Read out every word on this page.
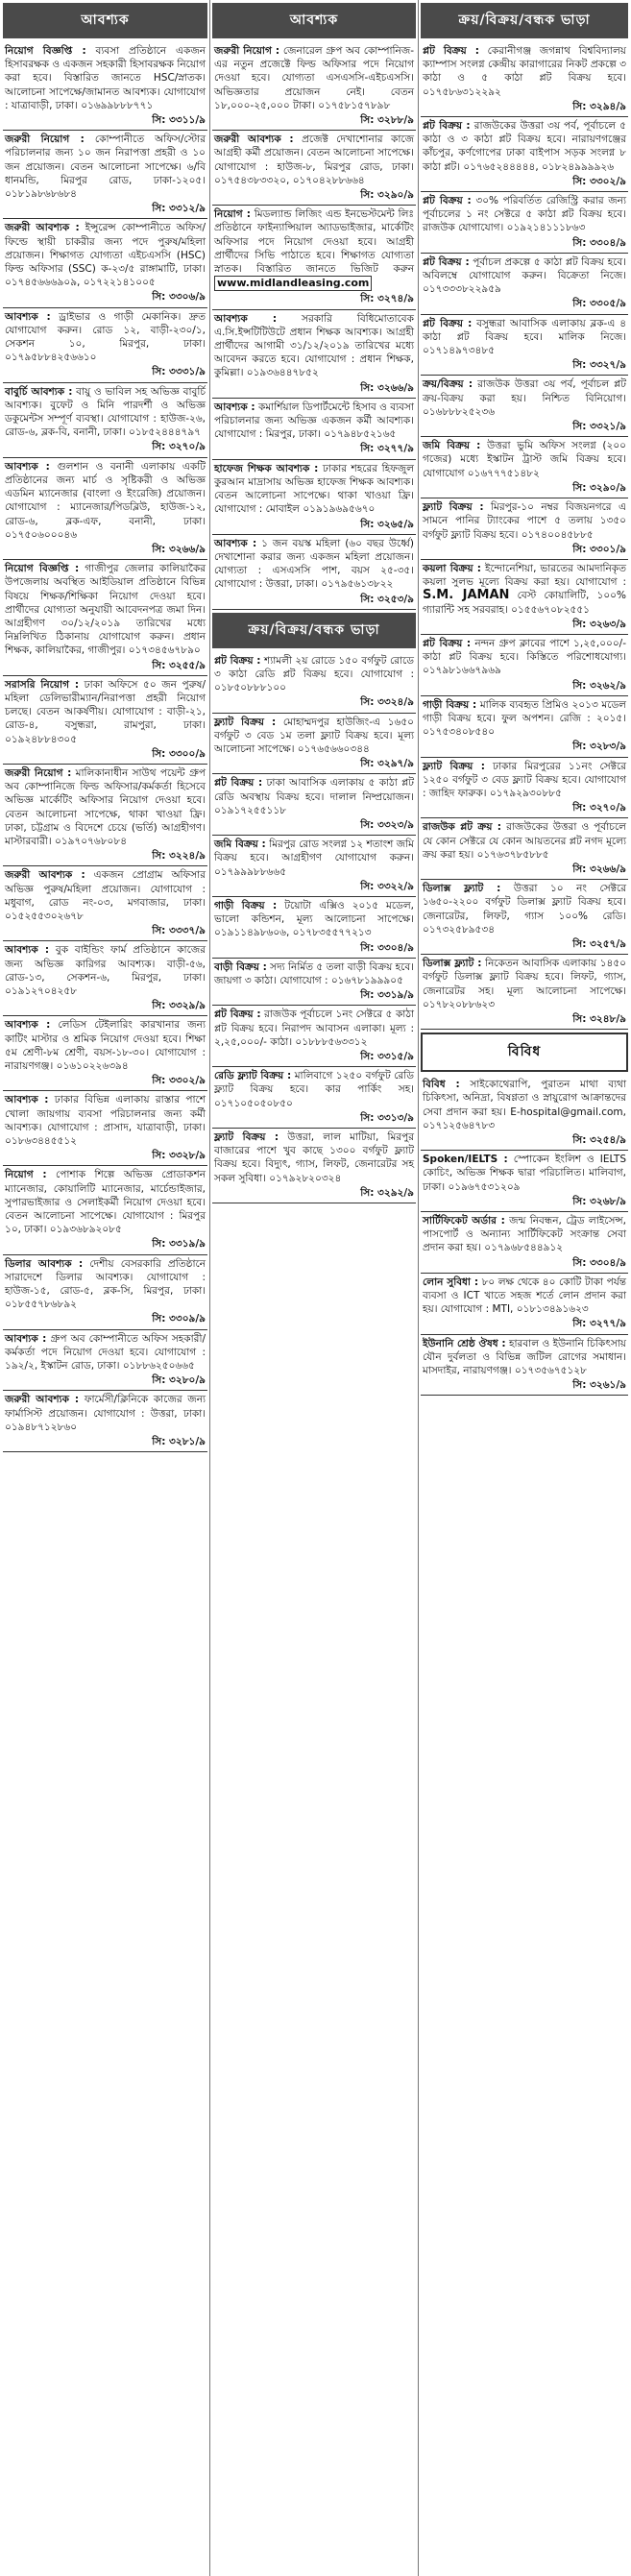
আবশ্যক
নিয়োগ বিজ্ঞপ্তি : ব্যবসা প্রতিষ্ঠানে একজন হিসাবরক্ষক ও একজন সহকারী হিসাবরক্ষক নিয়োগ করা হবে। বিস্তারিত জানতে HSC/স্নাতক। আলোচনা সাপেক্ষে/জামানত আবশ্যক। যোগাযোগ : যাত্রাবাড়ী, ঢাকা। ০১৬৯৯৮৮৮৭৭১
সি: ৩৩১১/৯
জরুরী নিয়োগ : কোম্পানীতে অফিস/স্টোর পরিচালনার জন্য ১০ জন নিরাপত্তা প্রহরী ও ১০ জন প্রয়োজন। বেতন আলোচনা সাপেক্ষে। ৬/বি ধানমন্ডি, মিরপুর রোড, ঢাকা-১২০৫। ০১৮১৯৮৬৮৬৮৪
সি: ৩৩১২/৯
জরুরী আবশ্যক : ইন্সুরেন্স কোম্পানীতে অফিস/ফিল্ডে স্থায়ী চাকরীর জন্য পদে পুরুষ/মহিলা প্রয়োজন। শিক্ষাগত যোগ্যতা এইচএসসি (HSC) ফিল্ড অফিসার (SSC) ক-২৩/৫ রাঙ্গামাটি, ঢাকা। ০১৭৪৫৬৬৬৯০৯, ০১৭২২১৪১০০৫
সি: ৩৩০৬/৯
আবশ্যক : ড্রাইভার ও গাড়ী মেকানিক। দ্রুত যোগাযোগ করুন। রোড ১২, বাড়ী-২৩০/১, সেকশন ১০, মিরপুর, ঢাকা। ০১৭৯৫৮৮৪২৫৬৬১০
সি: ৩৩৩১/৯
বাবুর্চি আবশ্যক : বায়ু ও ভাবিল সহ অভিজ্ঞ বাবুর্চি আবশ্যক। বুফেট ও মিনি পারদর্শী ও অভিজ্ঞ ডকুমেন্টস সম্পূর্ণ ব্যবস্থা। যোগাযোগ : হাউজ-২৬, রোড-৬, ব্লক-বি, বনানী, ঢাকা। ০১৮৫২৪৪৪৭৯৭
সি: ৩২৭০/৯
আবশ্যক : গুলশান ও বনানী এলাকায় একটি প্রতিষ্ঠানের জন্য মার্চ ও সৃষ্টিকরী ও অভিজ্ঞ এডমিন ম্যানেজার (বাংলা ও ইংরেজি) প্রয়োজন। যোগাযোগ : ম্যানেজার/পিডব্লিউ, হাউজ-১২, রোড-৬, ব্লক-এফ, বনানী, ঢাকা। ০১৭৫০৬০০০৪৬
সি: ৩২৬৬/৯
নিয়োগ বিজ্ঞপ্তি : গাজীপুর জেলার কালিয়াকৈর উপজেলায় অবস্থিত আইডিয়াল প্রতিষ্ঠানে বিভিন্ন বিষয়ে শিক্ষক/শিক্ষিকা নিয়োগ দেওয়া হবে। প্রার্থীদের যোগ্যতা অনুযায়ী আবেদনপত্র জমা দিন। আগ্রহীগণ ৩০/১২/২০১৯ তারিখের মধ্যে নিম্নলিখিত ঠিকানায় যোগাযোগ করুন। প্রধান শিক্ষক, কালিয়াকৈর, গাজীপুর। ০১৭৩৪৫৬৭৮৯০
সি: ৩২৫৫/৯
সরাসরি নিয়োগ : ঢাকা অফিসে ৫০ জন পুরুষ/মহিলা ডেলিভারীম্যান/নিরাপত্তা প্রহরী নিয়োগ চলছে। বেতন আকর্ষণীয়। যোগাযোগ : বাড়ী-২১, রোড-৪, বসুন্ধরা, রামপুরা, ঢাকা। ০১৯২৪৮৮৪৩০৫
সি: ৩৩০০/৯
জরুরী নিয়োগ : মালিকানাধীন সাউথ পয়েন্ট গ্রুপ অব কোম্পানিজে ফিল্ড অফিসার/কর্মকর্তা হিসেবে অভিজ্ঞ মার্কেটিং অফিসার নিয়োগ দেওয়া হবে। বেতন আলোচনা সাপেক্ষে, থাকা খাওয়া ফ্রি। ঢাকা, চট্টগ্রাম ও বিদেশে চেয়ে (ভর্তি) আগ্রহীগণ। মাস্টারবারী। ০১৯৭০৭৬৮০৮৪
সি: ৩২২৪/৯
জরুরী আবশ্যক : একজন প্রোগ্রাম অফিসার অভিজ্ঞ পুরুষ/মহিলা প্রয়োজন। যোগাযোগ : মধুবাগ, রোড নং-০৩, মগবাজার, ঢাকা। ০১৫২৫৫৩০২৬৭৮
সি: ৩৩৩৭/৯
আবশ্যক : বুক বাইন্ডিং ফার্ম প্রতিষ্ঠানে কাজের জন্য অভিজ্ঞ কারিগর আবশ্যক। বাড়ী-৫৬, রোড-১৩, সেকশন-৬, মিরপুর, ঢাকা। ০১৯১২৭০৪২৫৮
সি: ৩৩২৯/৯
আবশ্যক : লেডিস টেইলারিং কারখানার জন্য কাটিং মাস্টার ও শ্রমিক নিয়োগ দেওয়া হবে। শিক্ষা ৫ম শ্রেণী-৮ম শ্রেণী, বয়স-১৮-৩০। যোগাযোগ : নারায়ণগঞ্জ। ০১৬১০২২৬৩৯৪
সি: ৩৩০২/৯
আবশ্যক : ঢাকার বিভিন্ন এলাকায় রাস্তার পাশে খোলা জায়গায় ব্যবসা পরিচালনার জন্য কর্মী আবশ্যক। যোগাযোগ : প্রাসাদ, যাত্রাবাড়ী, ঢাকা। ০১৮৬৩৪৪৫৫১২
সি: ৩৩২৮/৯
নিয়োগ : পোশাক শিল্পে অভিজ্ঞ প্রোডাকশন ম্যানেজার, কোয়ালিটি ম্যানেজার, মার্চেন্ডাইজার, সুপারভাইজার ও সেলাইকর্মী নিয়োগ দেওয়া হবে। বেতন আলোচনা সাপেক্ষে। যোগাযোগ : মিরপুর ১০, ঢাকা। ০১৯৩৬৮৯২০৮৫
সি: ৩৩১৯/৯
ডিলার আবশ্যক : দেশীয় বেসরকারি প্রতিষ্ঠানে সারাদেশে ডিলার আবশ্যক। যোগাযোগ : হাউজ-১৫, রোড-৫, ব্লক-সি, মিরপুর, ঢাকা। ০১৮৫৫৭৮৬৮৯২
সি: ৩৩০৯/৯
আবশ্যক : গ্রুপ অব কোম্পানীতে অফিস সহকারী/কর্মকর্তা পদে নিয়োগ দেওয়া হবে। যোগাযোগ : ১৯২/২, ইস্কাটন রোড, ঢাকা। ০১৮৮৬২৫০৬৬৫
সি: ৩২৮০/৯
জরুরী আবশ্যক : ফার্মেসী/ক্লিনিকে কাজের জন্য ফার্মাসিস্ট প্রয়োজন। যোগাযোগ : উত্তরা, ঢাকা। ০১৯৪৮৭১২৮৬০
সি: ৩২৮১/৯
আবশ্যক
জরুরী নিয়োগ : জেনারেল গ্রুপ অব কোম্পানিজ-এর নতুন প্রজেক্টে ফিল্ড অফিসার পদে নিয়োগ দেওয়া হবে। যোগ্যতা এসএসসি-এইচএসসি। অভিজ্ঞতার প্রয়োজন নেই। বেতন ১৮,০০০-২৫,০০০ টাকা। ০১৭৫৮১৫৭৮৯৮
সি: ৩২৮৮/৯
জরুরী আবশ্যক : প্রজেক্ট দেখাশোনার কাজে আগ্রহী কর্মী প্রয়োজন। বেতন আলোচনা সাপেক্ষে। যোগাযোগ : হাউজ-৮, মিরপুর রোড, ঢাকা। ০১৭৫৪৩৮৩৩২০, ০১৭০৪২৮৮৬৬৪
সি: ৩২৯০/৯
নিয়োগ : মিডল্যান্ড লিজিং এন্ড ইনভেস্টমেন্ট লিঃ প্রতিষ্ঠানে ফাইন্যান্সিয়াল অ্যাডভাইজার, মার্কেটিং অফিসার পদে নিয়োগ দেওয়া হবে। আগ্রহী প্রার্থীদের সিভি পাঠাতে হবে। শিক্ষাগত যোগ্যতা স্নাতক। বিস্তারিত জানতে ভিজিট করুন www.midlandleasing.com
সি: ৩২৭৪/৯
আবশ্যক : সরকারি বিধিমোতাবেক এ.সি.ইন্সটিটিউটে প্রধান শিক্ষক আবশ্যক। আগ্রহী প্রার্থীদের আগামী ৩১/১২/২০১৯ তারিখের মধ্যে আবেদন করতে হবে। যোগাযোগ : প্রধান শিক্ষক, কুমিল্লা। ০১৯৩৬৪৪৭৮৫২
সি: ৩২৬৬/৯
আবশ্যক : কমার্শিয়াল ডিপার্টমেন্টে হিসাব ও ব্যবসা পরিচালনার জন্য অভিজ্ঞ একজন কর্মী আবশ্যক। যোগাযোগ : মিরপুর, ঢাকা। ০১৭৯৪৮৫২১৬৫
সি: ৩২৭৭/৯
হাফেজ শিক্ষক আবশ্যক : ঢাকার শহরের হিফজুল কুরআন মাদ্রাসায় অভিজ্ঞ হাফেজ শিক্ষক আবশ্যক। বেতন আলোচনা সাপেক্ষে। থাকা খাওয়া ফ্রি। যোগাযোগ : মোবাইল ০১৯১৯৬৯৫৬৭০
সি: ৩২৬৫/৯
আবশ্যক : ১ জন বয়স্ক মহিলা (৬০ বছর উর্ধ্বে) দেখাশোনা করার জন্য একজন মহিলা প্রয়োজন। যোগ্যতা : এসএসসি পাশ, বয়স ২৫-৩৫। যোগাযোগ : উত্তরা, ঢাকা। ০১৭৯৫৬১৩৮২২
সি: ৩২৫৩/৯
ক্রয়/বিক্রয়/বন্ধক ভাড়া
প্লট বিক্রয় : শ্যামলী ২য় রোডে ১৫০ বর্গফুট রোডে ৩ কাঠা রেডি প্লট বিক্রয় হবে। যোগাযোগ : ০১৮৫০৮৮৮১০০
সি: ৩৩২৪/৯
ফ্ল্যাট বিক্রয় : মোহাম্মদপুর হাউজিং-এ ১৬৫০ বর্গফুট ৩ বেড ১ম তলা ফ্ল্যাট বিক্রয় হবে। মূল্য আলোচনা সাপেক্ষে। ০১৭৬৫৬৬০৩৪৪
সি: ৩২৯৭/৯
প্লট বিক্রয় : ঢাকা আবাসিক এলাকায় ৫ কাঠা প্লট রেডি অবস্থায় বিক্রয় হবে। দালাল নিষ্প্রয়োজন। ০১৯১৭২৫৫১১৮
সি: ৩৩২৩/৯
জমি বিক্রয় : মিরপুর রোড সংলগ্ন ১২ শতাংশ জমি বিক্রয় হবে। আগ্রহীগণ যোগাযোগ করুন। ০১৭৯৯৯৮৮৬৬৫
সি: ৩৩২২/৯
গাড়ী বিক্রয় : টয়োটা এক্সিও ২০১৫ মডেল, ভালো কন্ডিশন, মূল্য আলোচনা সাপেক্ষে। ০১৯১১৪৯৮৬০৬, ০১৭৮৩৫৫৭৭২১৩
সি: ৩৩০৪/৯
বাড়ী বিক্রয় : সদ্য নির্মিত ৫ তলা বাড়ী বিক্রয় হবে। জায়গা ৩ কাঠা। যোগাযোগ : ০১৬৭৮১৯৯৯০৫
সি: ৩৩১৯/৯
প্লট বিক্রয় : রাজউক পূর্বাচলে ১নং সেক্টরে ৫ কাঠা প্লট বিক্রয় হবে। নিরাপদ আবাসন এলাকা। মূল্য : ২,২৫,০০০/- কাঠা। ০১৮৮৮৫৬৩৩১২
সি: ৩৩১৫/৯
রেডি ফ্ল্যাট বিক্রয় : মালিবাগে ১২৫০ বর্গফুট রেডি ফ্ল্যাট বিক্রয় হবে। কার পার্কিং সহ। ০১৭১০৫০৫০৮৫০
সি: ৩৩১৩/৯
ফ্ল্যাট বিক্রয় : উত্তরা, লাল মাটিয়া, মিরপুর বাজারের পাশে খুব কাছে ১৩০০ বর্গফুট ফ্ল্যাট বিক্রয় হবে। বিদ্যুৎ, গ্যাস, লিফট, জেনারেটর সহ সকল সুবিধা। ০১৭৯২৮২০৩২৪
সি: ৩২৯২/৯
ক্রয়/বিক্রয়/বন্ধক ভাড়া
প্লট বিক্রয় : কেরানীগঞ্জ জগন্নাথ বিশ্ববিদ্যালয় ক্যাম্পাস সংলগ্ন কেন্দ্রীয় কারাগারের নিকট প্রকল্পে ৩ কাঠা ও ৫ কাঠা প্লট বিক্রয় হবে। ০১৭৫৮৬৩১২২৯২
সি: ৩২৯৪/৯
প্লট বিক্রয় : রাজউকের উত্তরা ৩য় পর্ব, পূর্বাচলে ৫ কাঠা ও ৩ কাঠা প্লট বিক্রয় হবে। নারায়ণগঞ্জের কাঁচপুর, কর্ণগোপের ঢাকা বাইপাস সড়ক সংলগ্ন ৮ কাঠা প্লট। ০১৭৬৫২৪৪৪৪৪, ০১৮২৪৯৯৯৯২৬
সি: ৩৩০২/৯
প্লট বিক্রয় : ৩০% পরিবর্তিত রেজিস্ট্রি করার জন্য পূর্বাচলের ১ নং সেক্টরে ৫ কাঠা প্লট বিক্রয় হবে। রাজউক যোগাযোগ। ০১৯২১৪১১১৮৬৩
সি: ৩৩০৪/৯
প্লট বিক্রয় : পূর্বাচল প্রকল্পে ৫ কাঠা প্লট বিক্রয় হবে। অবিলম্বে যোগাযোগ করুন। বিক্রেতা নিজে। ০১৭৩৩৩৮২২৯৫৯
সি: ৩৩০৫/৯
প্লট বিক্রয় : বসুন্ধরা আবাসিক এলাকায় ব্লক-এ ৪ কাঠা প্লট বিক্রয় হবে। মালিক নিজে। ০১৭১৪৯৭৩৪৮৫
সি: ৩৩২৭/৯
ক্রয়/বিক্রয় : রাজউক উত্তরা ৩য় পর্ব, পূর্বাচল প্লট ক্রয়-বিক্রয় করা হয়। নিশ্চিত বিনিয়োগ। ০১৬৮৮৮২৫২৩৬
সি: ৩৩২১/৯
জমি বিক্রয় : উত্তরা ভুমি অফিস সংলগ্ন (২০০ গজের) মধ্যে ইস্কাটন ট্রাস্ট জমি বিক্রয় হবে। যোগাযোগ ০১৬৭৭৭৫১৪৮২
সি: ৩২৯০/৯
ফ্ল্যাট বিক্রয় : মিরপুর-১০ নম্বর বিজয়নগরে এ সামনে পানির ট্যাংকের পাশে ৫ তলায় ১৩৫০ বর্গফুট ফ্ল্যাট বিক্রয় হবে। ০১৭৪০০৪৫৮৮৫
সি: ৩৩০১/৯
কয়লা বিক্রয় : ইন্দোনেশিয়া, ভারতের আমদানিকৃত কয়লা সুলভ মূল্যে বিক্রয় করা হয়। যোগাযোগ : S.M. JAMAN বেস্ট কোয়ালিটি, ১০০% গ্যারান্টি সহ সরবরাহ। ০১৫৫৬৭০৮২৫৫১
সি: ৩২৬৩/৯
প্লট বিক্রয় : নন্দন গ্রুপ ক্লাবের পাশে ১,২৫,০০০/- কাঠা প্লট বিক্রয় হবে। কিস্তিতে পরিশোধযোগ্য। ০১৭৯৮১৬৬৭৯৬৯
সি: ৩২৬২/৯
গাড়ী বিক্রয় : মালিক ব্যবহৃত প্রিমিও ২০১৩ মডেল গাড়ী বিক্রয় হবে। ফুল অপশন। রেজি : ২০১৫। ০১৭৫৩৪০৮৫৪০
সি: ৩২৮৩/৯
ফ্ল্যাট বিক্রয় : ঢাকার মিরপুরের ১১নং সেক্টরে ১২৫০ বর্গফুট ৩ বেড ফ্ল্যাট বিক্রয় হবে। যোগাযোগ : জাহিদ ফারুক। ০১৭৯২৯৩০৮৮৫
সি: ৩২৭০/৯
রাজউক প্লট ক্রয় : রাজউকের উত্তরা ও পূর্বাচলে যে কোন সেক্টরে যে কোন আয়তনের প্লট নগদ মূল্যে ক্রয় করা হয়। ০১৭৬৩৭৮৫৮৮৫
সি: ৩২৬৬/৯
ডিলাক্স ফ্ল্যাট : উত্তরা ১০ নং সেক্টরে ১৬৫০-২২০০ বর্গফুট ডিলাক্স ফ্ল্যাট বিক্রয় হবে। জেনারেটর, লিফট, গ্যাস ১০০% রেডি। ০১৭৩২৫৮৯৫৩৪
সি: ৩২৫৭/৯
ডিলাক্স ফ্ল্যাট : নিকেতন আবাসিক এলাকায় ১৪৫০ বর্গফুট ডিলাক্স ফ্ল্যাট বিক্রয় হবে। লিফট, গ্যাস, জেনারেটর সহ। মূল্য আলোচনা সাপেক্ষে। ০১৭৮২০৮৮৬২৩
সি: ৩২৪৮/৯
বিবিধ
বিবিধ : সাইকোথেরাপি, পুরাতন মাথা ব্যথা চিকিৎসা, অনিদ্রা, বিষণ্ণতা ও স্নায়ুরোগ আক্রান্তদের সেবা প্রদান করা হয়। E-hospital@gmail.com, ০১৭১২৫৬৪৭৮৩
সি: ৩২৫৪/৯
Spoken/IELTS : স্পোকেন ইংলিশ ও IELTS কোচিং, অভিজ্ঞ শিক্ষক দ্বারা পরিচালিত। মালিবাগ, ঢাকা। ০১৯৬৭৫৩১২০৯
সি: ৩২৬৮/৯
সার্টিফিকেট অর্ডার : জন্ম নিবন্ধন, ট্রেড লাইসেন্স, পাসপোর্ট ও অন্যান্য সার্টিফিকেট সংক্রান্ত সেবা প্রদান করা হয়। ০১৭৯৬৮৫৪৪৯১২
সি: ৩৩০৪/৯
লোন সুবিধা : ৮০ লক্ষ থেকে ৪০ কোটি টাকা পর্যন্ত ব্যবসা ও ICT খাতে সহজ শর্তে লোন প্রদান করা হয়। যোগাযোগ : MTI, ০১৮১৩৪৯১৬২৩
সি: ৩২৭৭/৯
ইউনানি শ্রেষ্ঠ ঔষধ : হারবাল ও ইউনানি চিকিৎসায় যৌন দুর্বলতা ও বিভিন্ন জটিল রোগের সমাধান। মাসদাইর, নারায়ণগঞ্জ। ০১৭৩৫৬৭৫১২৮
সি: ৩২৬১/৯
